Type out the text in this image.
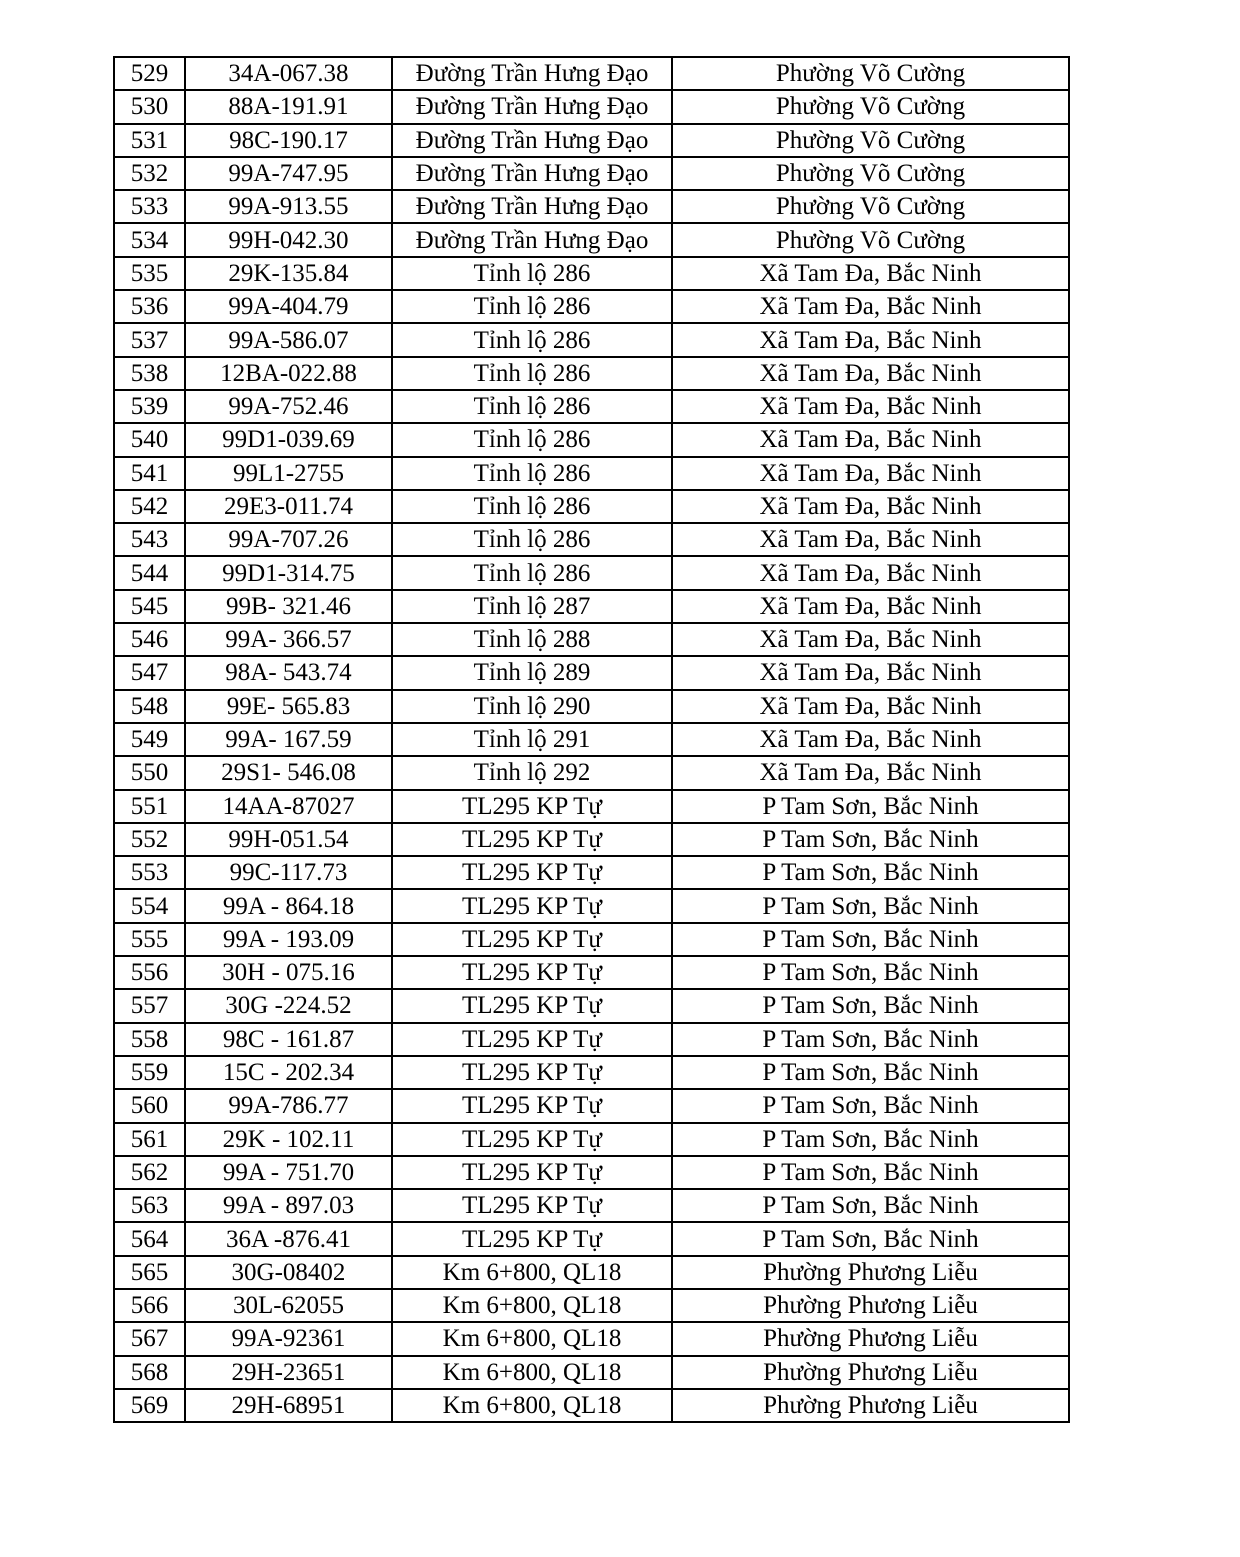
529	34A-067.38	Đường Trần Hưng Đạo	Phường Võ Cường
530	88A-191.91	Đường Trần Hưng Đạo	Phường Võ Cường
531	98C-190.17	Đường Trần Hưng Đạo	Phường Võ Cường
532	99A-747.95	Đường Trần Hưng Đạo	Phường Võ Cường
533	99A-913.55	Đường Trần Hưng Đạo	Phường Võ Cường
534	99H-042.30	Đường Trần Hưng Đạo	Phường Võ Cường
535	29K-135.84	Tỉnh lộ 286	Xã Tam Đa, Bắc Ninh
536	99A-404.79	Tỉnh lộ 286	Xã Tam Đa, Bắc Ninh
537	99A-586.07	Tỉnh lộ 286	Xã Tam Đa, Bắc Ninh
538	12BA-022.88	Tỉnh lộ 286	Xã Tam Đa, Bắc Ninh
539	99A-752.46	Tỉnh lộ 286	Xã Tam Đa, Bắc Ninh
540	99D1-039.69	Tỉnh lộ 286	Xã Tam Đa, Bắc Ninh
541	99L1-2755	Tỉnh lộ 286	Xã Tam Đa, Bắc Ninh
542	29E3-011.74	Tỉnh lộ 286	Xã Tam Đa, Bắc Ninh
543	99A-707.26	Tỉnh lộ 286	Xã Tam Đa, Bắc Ninh
544	99D1-314.75	Tỉnh lộ 286	Xã Tam Đa, Bắc Ninh
545	99B- 321.46	Tỉnh lộ 287	Xã Tam Đa, Bắc Ninh
546	99A- 366.57	Tỉnh lộ 288	Xã Tam Đa, Bắc Ninh
547	98A- 543.74	Tỉnh lộ 289	Xã Tam Đa, Bắc Ninh
548	99E- 565.83	Tỉnh lộ 290	Xã Tam Đa, Bắc Ninh
549	99A- 167.59	Tỉnh lộ 291	Xã Tam Đa, Bắc Ninh
550	29S1- 546.08	Tỉnh lộ 292	Xã Tam Đa, Bắc Ninh
551	14AA-87027	TL295 KP Tự	P Tam Sơn, Bắc Ninh
552	99H-051.54	TL295 KP Tự	P Tam Sơn, Bắc Ninh
553	99C-117.73	TL295 KP Tự	P Tam Sơn, Bắc Ninh
554	99A - 864.18	TL295 KP Tự	P Tam Sơn, Bắc Ninh
555	99A - 193.09	TL295 KP Tự	P Tam Sơn, Bắc Ninh
556	30H - 075.16	TL295 KP Tự	P Tam Sơn, Bắc Ninh
557	30G -224.52	TL295 KP Tự	P Tam Sơn, Bắc Ninh
558	98C - 161.87	TL295 KP Tự	P Tam Sơn, Bắc Ninh
559	15C - 202.34	TL295 KP Tự	P Tam Sơn, Bắc Ninh
560	99A-786.77	TL295 KP Tự	P Tam Sơn, Bắc Ninh
561	29K - 102.11	TL295 KP Tự	P Tam Sơn, Bắc Ninh
562	99A - 751.70	TL295 KP Tự	P Tam Sơn, Bắc Ninh
563	99A - 897.03	TL295 KP Tự	P Tam Sơn, Bắc Ninh
564	36A -876.41	TL295 KP Tự	P Tam Sơn, Bắc Ninh
565	30G-08402	Km 6+800, QL18	Phường Phương Liễu
566	30L-62055	Km 6+800, QL18	Phường Phương Liễu
567	99A-92361	Km 6+800, QL18	Phường Phương Liễu
568	29H-23651	Km 6+800, QL18	Phường Phương Liễu
569	29H-68951	Km 6+800, QL18	Phường Phương Liễu
